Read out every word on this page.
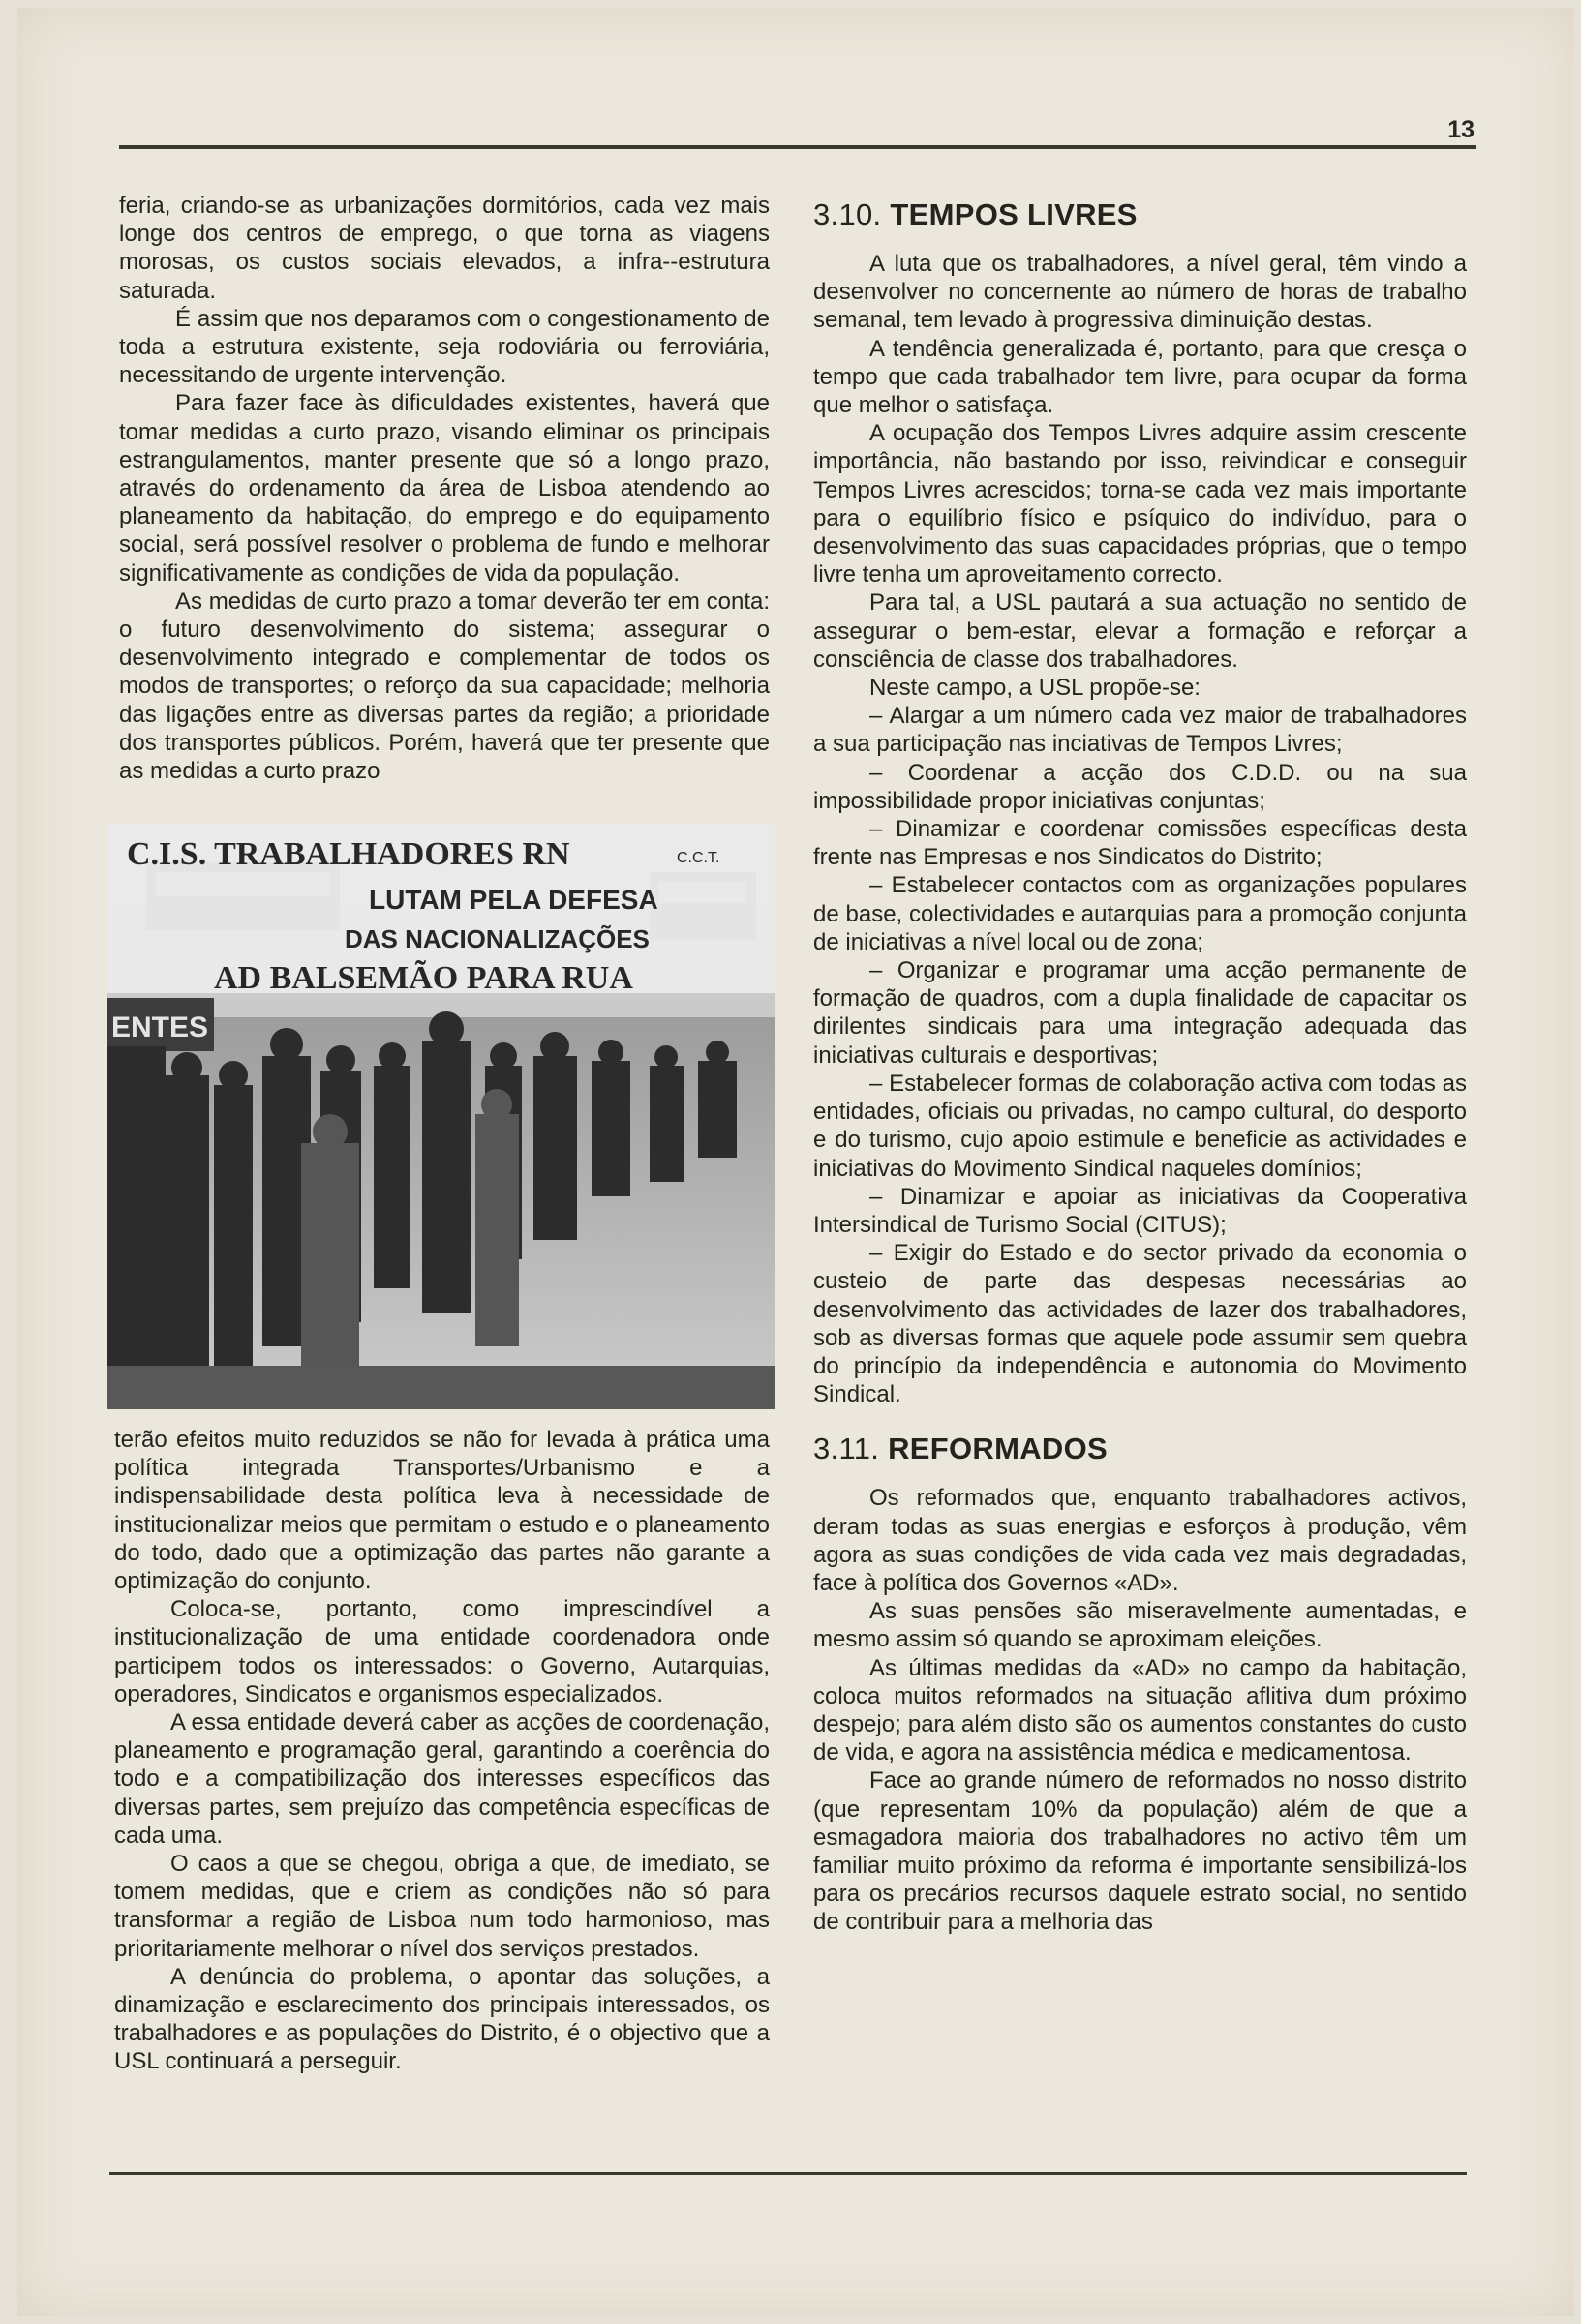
13

feria, criando-se as urbanizações dormitórios, cada vez mais longe dos centros de emprego, o que torna as viagens morosas, os custos sociais elevados, a infra--estrutura saturada.

É assim que nos deparamos com o congestionamento de toda a estrutura existente, seja rodoviária ou ferroviária, necessitando de urgente intervenção.

Para fazer face às dificuldades existentes, haverá que tomar medidas a curto prazo, visando eliminar os principais estrangulamentos, manter presente que só a longo prazo, através do ordenamento da área de Lisboa atendendo ao planeamento da habitação, do emprego e do equipamento social, será possível resolver o problema de fundo e melhorar significativamente as condições de vida da população.

As medidas de curto prazo a tomar deverão ter em conta: o futuro desenvolvimento do sistema; assegurar o desenvolvimento integrado e complementar de todos os modos de transportes; o reforço da sua capacidade; melhoria das ligações entre as diversas partes da região; a prioridade dos transportes públicos. Porém, haverá que ter presente que as medidas a curto prazo

C.I.S. TRABALHADORES RN	C.C.T.
LUTAM PELA DEFESA
DAS NACIONALIZAÇÕES
AD BALSEMÃO PARA RUA
ENTES

terão efeitos muito reduzidos se não for levada à prática uma política integrada Transportes/Urbanismo e a indispensabilidade desta política leva à necessidade de institucionalizar meios que permitam o estudo e o planeamento do todo, dado que a optimização das partes não garante a optimização do conjunto.

Coloca-se, portanto, como imprescindível a institucionalização de uma entidade coordenadora onde participem todos os interessados: o Governo, Autarquias, operadores, Sindicatos e organismos especializados.

A essa entidade deverá caber as acções de coordenação, planeamento e programação geral, garantindo a coerência do todo e a compatibilização dos interesses específicos das diversas partes, sem prejuízo das competência específicas de cada uma.

O caos a que se chegou, obriga a que, de imediato, se tomem medidas, que e criem as condições não só para transformar a região de Lisboa num todo harmonioso, mas prioritariamente melhorar o nível dos serviços prestados.

A denúncia do problema, o apontar das soluções, a dinamização e esclarecimento dos principais interessados, os trabalhadores e as populações do Distrito, é o objectivo que a USL continuará a perseguir.

3.10. TEMPOS LIVRES

A luta que os trabalhadores, a nível geral, têm vindo a desenvolver no concernente ao número de horas de trabalho semanal, tem levado à progressiva diminuição destas.

A tendência generalizada é, portanto, para que cresça o tempo que cada trabalhador tem livre, para ocupar da forma que melhor o satisfaça.

A ocupação dos Tempos Livres adquire assim crescente importância, não bastando por isso, reivindicar e conseguir Tempos Livres acrescidos; torna-se cada vez mais importante para o equilíbrio físico e psíquico do indivíduo, para o desenvolvimento das suas capacidades próprias, que o tempo livre tenha um aproveitamento correcto.

Para tal, a USL pautará a sua actuação no sentido de assegurar o bem-estar, elevar a formação e reforçar a consciência de classe dos trabalhadores.

Neste campo, a USL propõe-se:

– Alargar a um número cada vez maior de trabalhadores a sua participação nas inciativas de Tempos Livres;

– Coordenar a acção dos C.D.D. ou na sua impossibilidade propor iniciativas conjuntas;

– Dinamizar e coordenar comissões específicas desta frente nas Empresas e nos Sindicatos do Distrito;

– Estabelecer contactos com as organizações populares de base, colectividades e autarquias para a promoção conjunta de iniciativas a nível local ou de zona;

– Organizar e programar uma acção permanente de formação de quadros, com a dupla finalidade de capacitar os dirilentes sindicais para uma integração adequada das iniciativas culturais e desportivas;

– Estabelecer formas de colaboração activa com todas as entidades, oficiais ou privadas, no campo cultural, do desporto e do turismo, cujo apoio estimule e beneficie as actividades e iniciativas do Movimento Sindical naqueles domínios;

– Dinamizar e apoiar as iniciativas da Cooperativa Intersindical de Turismo Social (CITUS);

– Exigir do Estado e do sector privado da economia o custeio de parte das despesas necessárias ao desenvolvimento das actividades de lazer dos trabalhadores, sob as diversas formas que aquele pode assumir sem quebra do princípio da independência e autonomia do Movimento Sindical.

3.11. REFORMADOS

Os reformados que, enquanto trabalhadores activos, deram todas as suas energias e esforços à produção, vêm agora as suas condições de vida cada vez mais degradadas, face à política dos Governos «AD».

As suas pensões são miseravelmente aumentadas, e mesmo assim só quando se aproximam eleições.

As últimas medidas da «AD» no campo da habitação, coloca muitos reformados na situação aflitiva dum próximo despejo; para além disto são os aumentos constantes do custo de vida, e agora na assistência médica e medicamentosa.

Face ao grande número de reformados no nosso distrito (que representam 10% da população) além de que a esmagadora maioria dos trabalhadores no activo têm um familiar muito próximo da reforma é importante sensibilizá-los para os precários recursos daquele estrato social, no sentido de contribuir para a melhoria das
